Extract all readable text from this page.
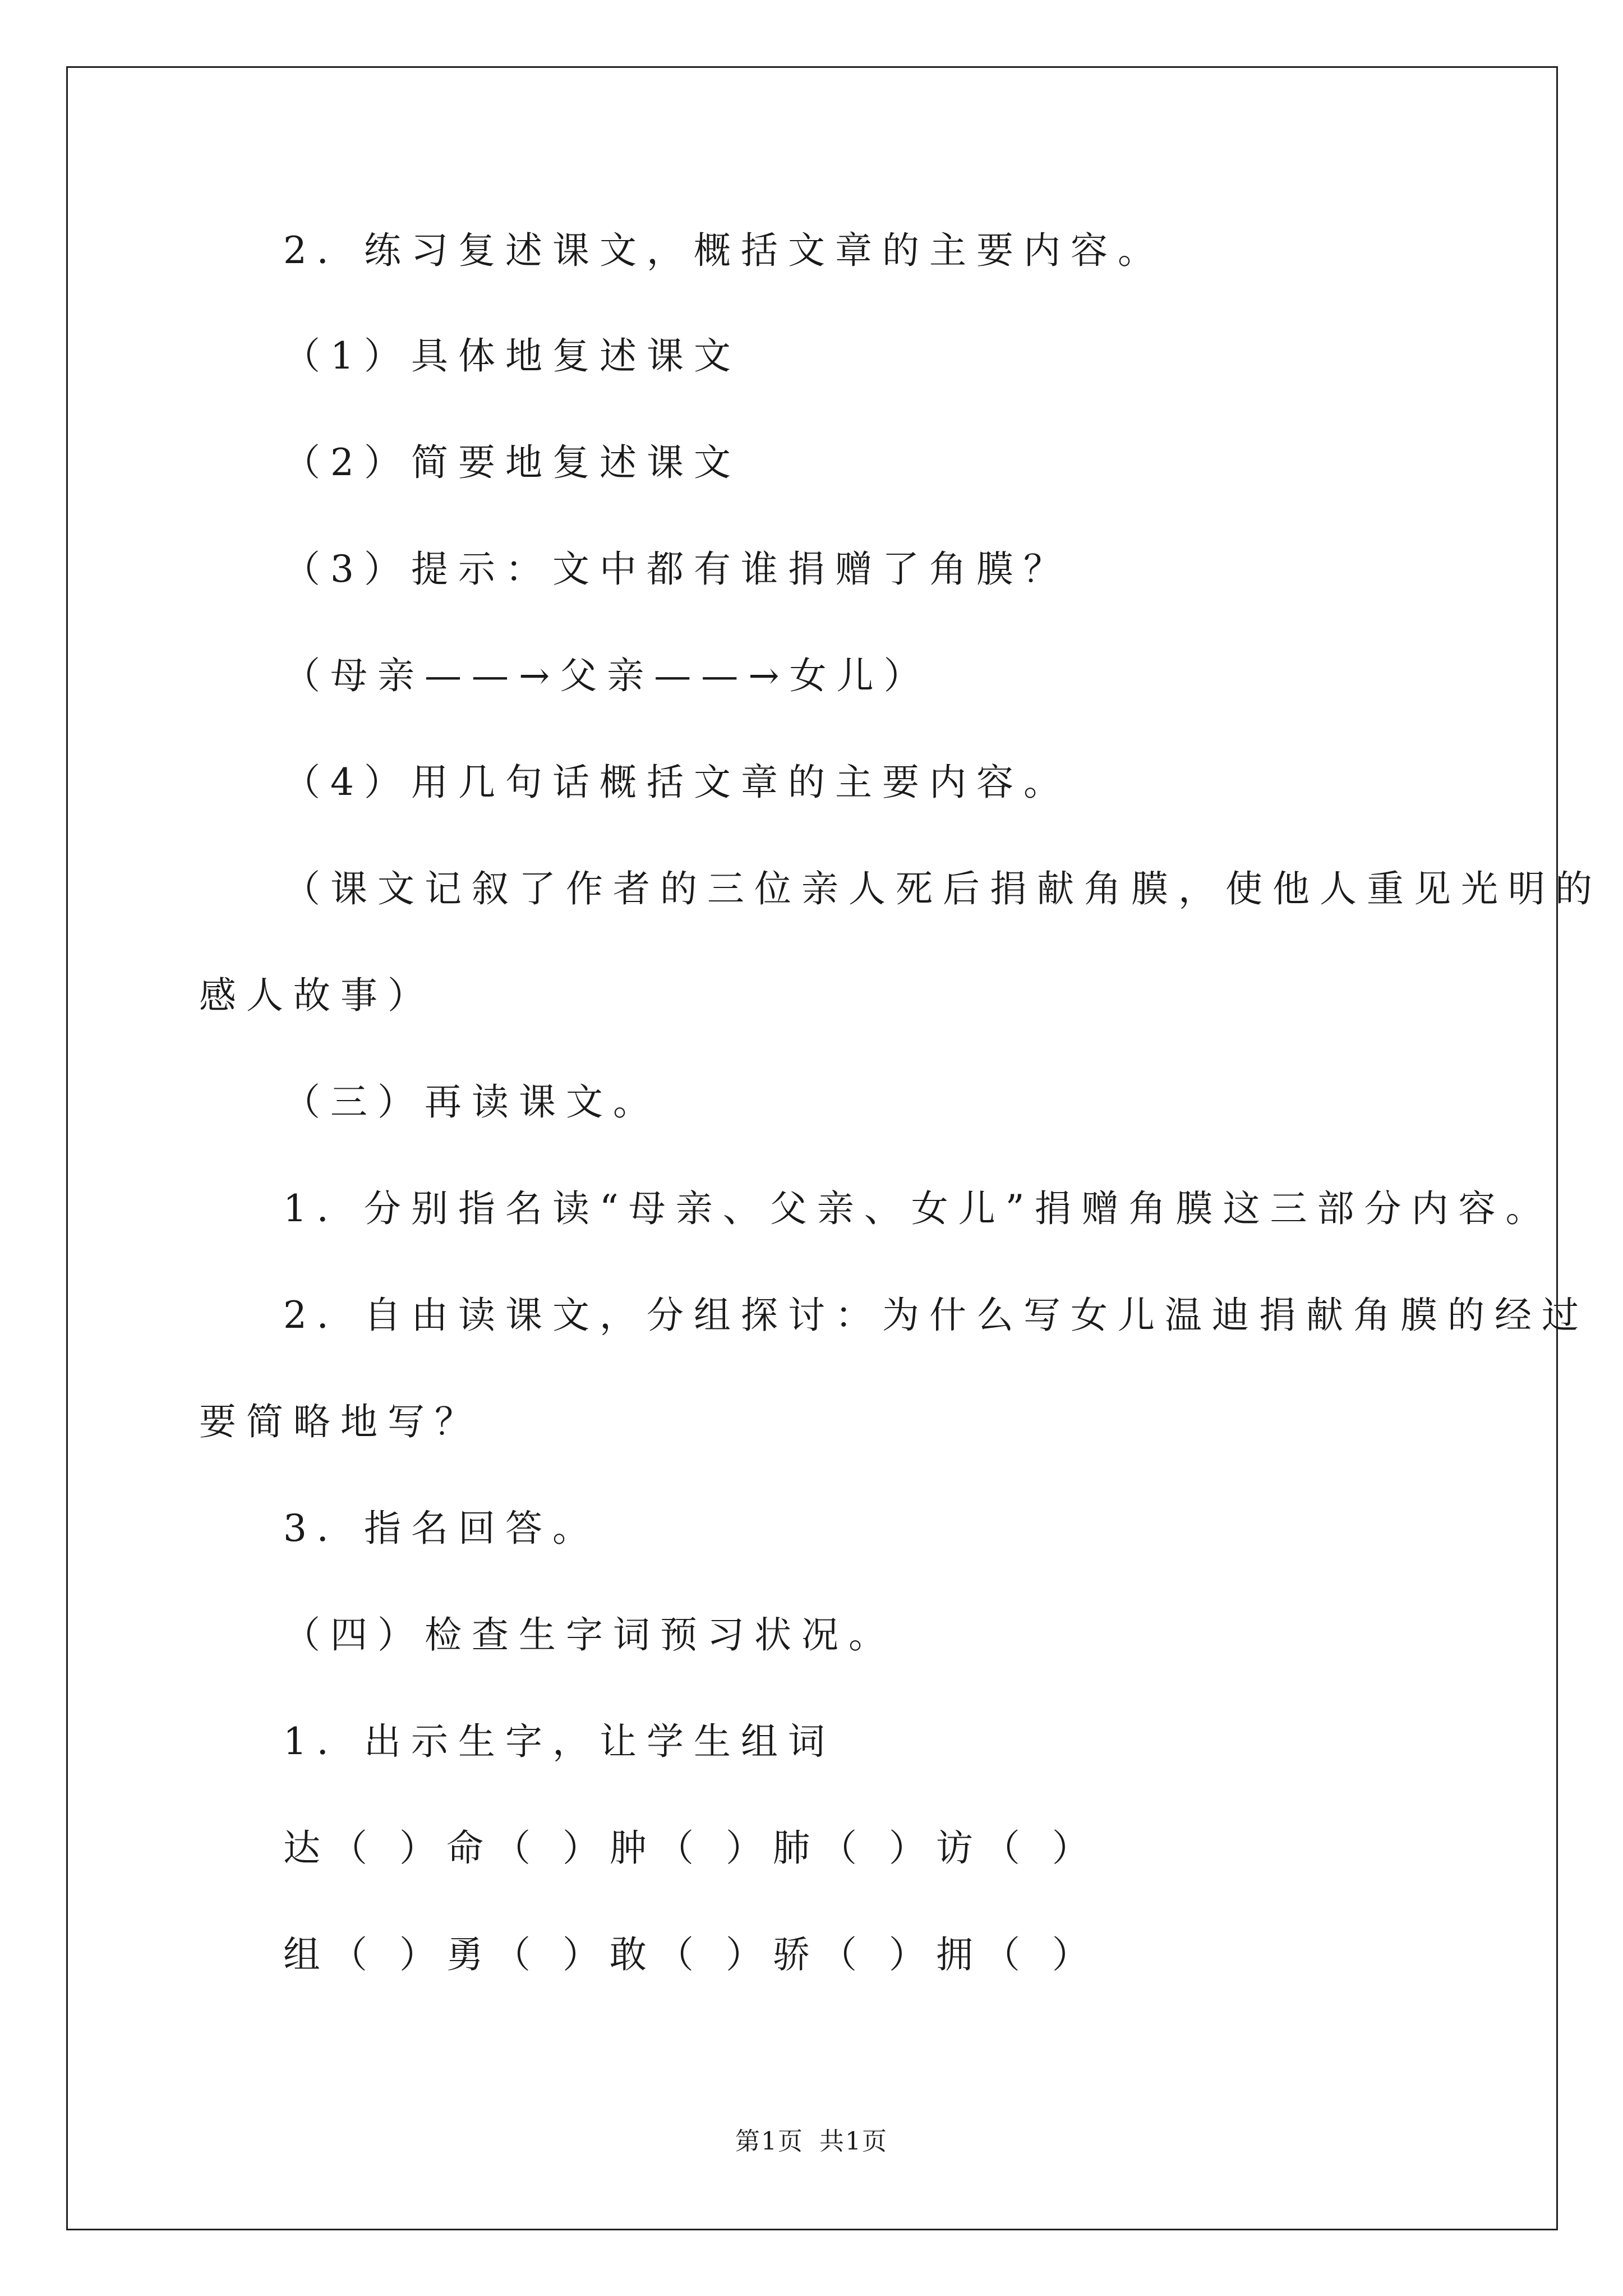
2．练习复述课文，概括文章的主要内容。
（1）具体地复述课文
（2）简要地复述课文
（3）提示：文中都有谁捐赠了角膜？
（母亲——→父亲——→女儿）
（4）用几句话概括文章的主要内容。
（课文记叙了作者的三位亲人死后捐献角膜，使他人重见光明的
感人故事）
（三）再读课文。
1．分别指名读“母亲、父亲、女儿”捐赠角膜这三部分内容。
2．自由读课文，分组探讨：为什么写女儿温迪捐献角膜的经过
要简略地写？
3．指名回答。
（四）检查生字词预习状况。
1．出示生字，让学生组词
达（ ）命（ ）肿（ ）肺（ ）访（ ）
组（ ）勇（ ）敢（ ）骄（ ）拥（ ）
第1页 共1页
